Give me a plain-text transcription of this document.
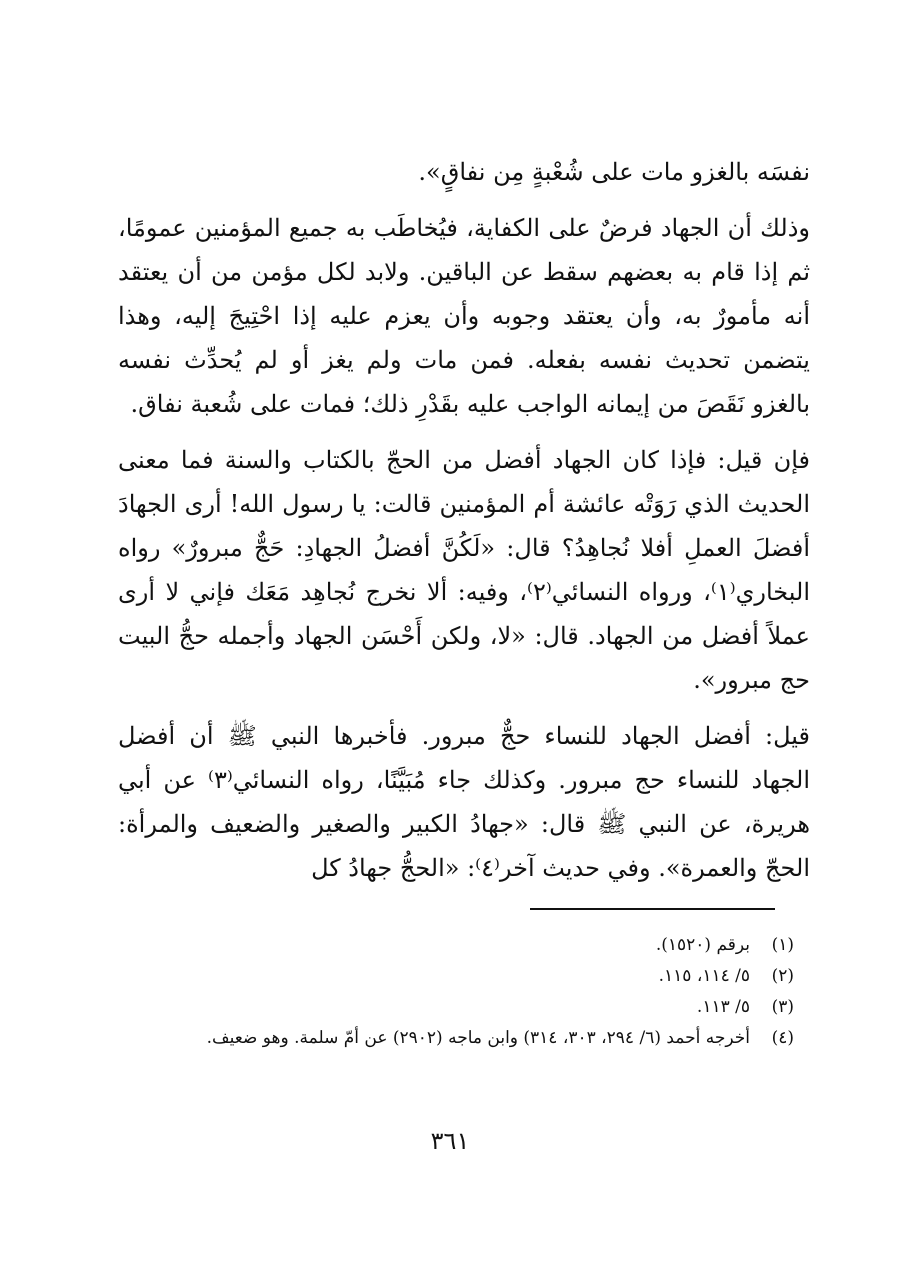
نفسَه بالغزو مات على شُعْبةٍ مِن نفاقٍ».

وذلك أن الجهاد فرضٌ على الكفاية، فيُخاطَب به جميع المؤمنين عمومًا، ثم إذا قام به بعضهم سقط عن الباقين. ولابد لكل مؤمن من أن يعتقد أنه مأمورٌ به، وأن يعتقد وجوبه وأن يعزم عليه إذا احْتِيجَ إليه، وهذا يتضمن تحديث نفسه بفعله. فمن مات ولم يغز أو لم يُحدِّث نفسه بالغزو نَقَصَ من إيمانه الواجب عليه بقَدْرِ ذلك؛ فمات على شُعبة نفاق.

فإن قيل: فإذا كان الجهاد أفضل من الحجّ بالكتاب والسنة فما معنى الحديث الذي رَوَتْه عائشة أم المؤمنين قالت: يا رسول الله! أرى الجهادَ أفضلَ العملِ أفلا نُجاهِدُ؟ قال: «لَكُنَّ أفضلُ الجهادِ: حَجٌّ مبرورٌ» رواه البخاري⁽١⁾، ورواه النسائي⁽٢⁾، وفيه: ألا نخرج نُجاهِد مَعَك فإني لا أرى عملاً أفضل من الجهاد. قال: «لا، ولكن أَحْسَن الجهاد وأجمله حجُّ البيت حج مبرور».

قيل: أفضل الجهاد للنساء حجٌّ مبرور. فأخبرها النبي ﷺ أن أفضل الجهاد للنساء حج مبرور. وكذلك جاء مُبَيَّنًا، رواه النسائي⁽٣⁾ عن أبي هريرة، عن النبي ﷺ قال: «جهادُ الكبير والصغير والضعيف والمرأة: الحجّ والعمرة». وفي حديث آخر⁽٤⁾: «الحجُّ جهادُ كل

(١)
برقم (١٥٢٠).
(٢)
٥/ ١١٤، ١١٥.
(٣)
٥/ ١١٣.
(٤)
أخرجه أحمد (٦/ ٢٩٤، ٣٠٣، ٣١٤) وابن ماجه (٢٩٠٢) عن أمّ سلمة. وهو ضعيف.
٣٦١
